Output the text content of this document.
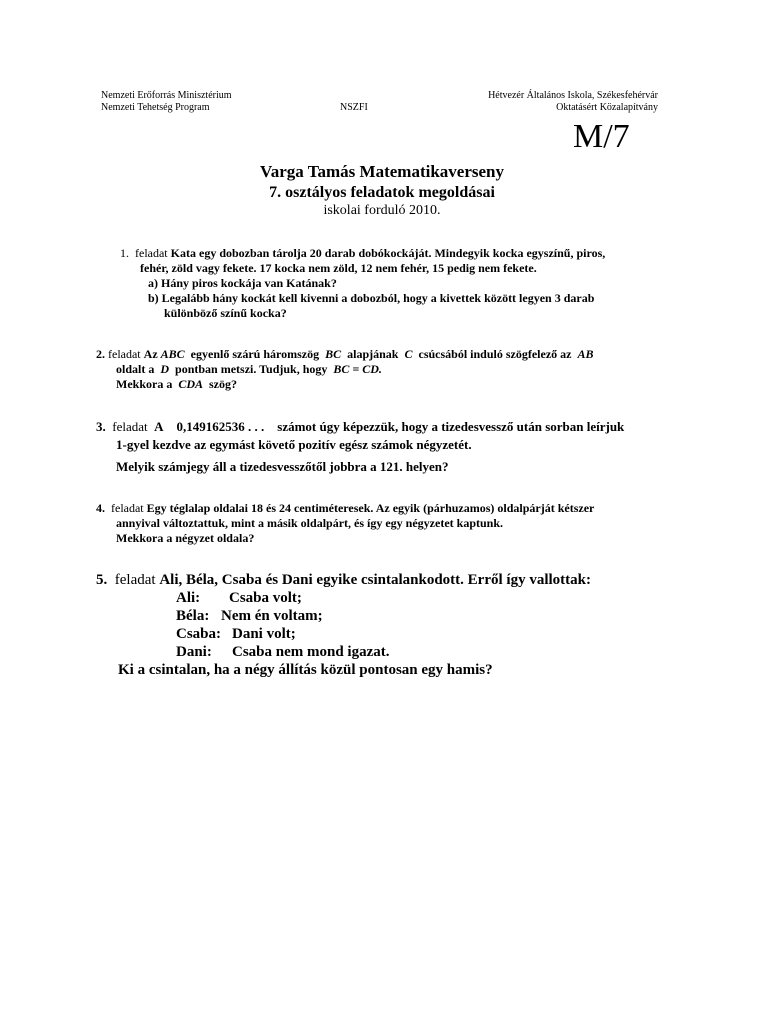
Nemzeti Erőforrás Minisztérium
Nemzeti Tehetség Program	NSZFI
Hétvezér Általános Iskola, Székesfehérvár
Oktatásért Közalapítvány
M/7
Varga Tamás Matematikaverseny
7. osztályos feladatok megoldásai
iskolai forduló 2010.
1. feladat Kata egy dobozban tárolja 20 darab dobókockáját. Mindegyik kocka egyszínű, piros,
fehér, zöld vagy fekete. 17 kocka nem zöld, 12 nem fehér, 15 pedig nem fekete.
a) Hány piros kockája van Katának?
b) Legalább hány kockát kell kivenni a dobozból, hogy a kivettek között legyen 3 darab
különböző színű kocka?
2. feladat Az ABC egyenlő szárú háromszög BC alapjának C csúcsából induló szögfelező az AB
oldalt a D pontban metszi. Tudjuk, hogy BC = CD.
Mekkora a CDA szög?
3. feladat A 0,149162536 . . . számot úgy képezzük, hogy a tizedesvessző után sorban leírjuk
1-gyel kezdve az egymást követő pozitív egész számok négyzetét.
Melyik számjegy áll a tizedesvesszőtől jobbra a 121. helyen?
4. feladat Egy téglalap oldalai 18 és 24 centiméteresek. Az egyik (párhuzamos) oldalpárját kétszer
annyival változtattuk, mint a másik oldalpárt, és így egy négyzetet kaptunk.
Mekkora a négyzet oldala?
5. feladat Ali, Béla, Csaba és Dani egyike csintalankodott. Erről így vallottak:
Ali: Csaba volt;
Béla: Nem én voltam;
Csaba: Dani volt;
Dani: Csaba nem mond igazat.
Ki a csintalan, ha a négy állítás közül pontosan egy hamis?
